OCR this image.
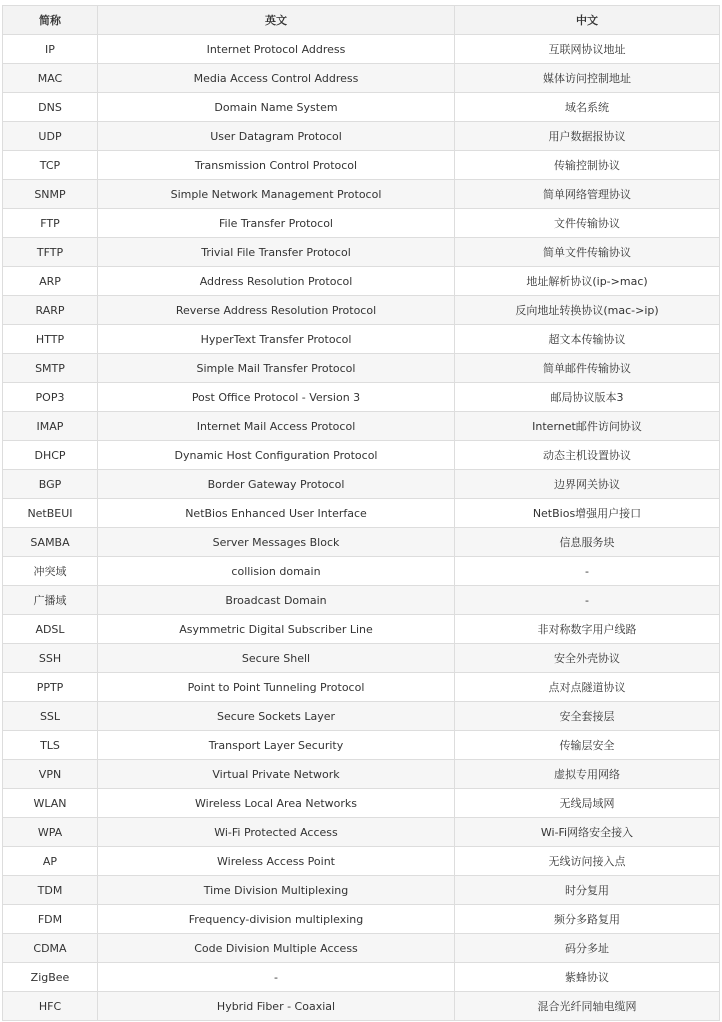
简称	英文	中文
IP	Internet Protocol Address	互联网协议地址
MAC	Media Access Control Address	媒体访问控制地址
DNS	Domain Name System	域名系统
UDP	User Datagram Protocol	用户数据报协议
TCP	Transmission Control Protocol	传输控制协议
SNMP	Simple Network Management Protocol	简单网络管理协议
FTP	File Transfer Protocol	文件传输协议
TFTP	Trivial File Transfer Protocol	简单文件传输协议
ARP	Address Resolution Protocol	地址解析协议(ip->mac)
RARP	Reverse Address Resolution Protocol	反向地址转换协议(mac->ip)
HTTP	HyperText Transfer Protocol	超文本传输协议
SMTP	Simple Mail Transfer Protocol	简单邮件传输协议
POP3	Post Office Protocol - Version 3	邮局协议版本3
IMAP	Internet Mail Access Protocol	Internet邮件访问协议
DHCP	Dynamic Host Configuration Protocol	动态主机设置协议
BGP	Border Gateway Protocol	边界网关协议
NetBEUI	NetBios Enhanced User Interface	NetBios增强用户接口
SAMBA	Server Messages Block	信息服务块
冲突域	collision domain	-
广播域	Broadcast Domain	-
ADSL	Asymmetric Digital Subscriber Line	非对称数字用户线路
SSH	Secure Shell	安全外壳协议
PPTP	Point to Point Tunneling Protocol	点对点隧道协议
SSL	Secure Sockets Layer	安全套接层
TLS	Transport Layer Security	传输层安全
VPN	Virtual Private Network	虚拟专用网络
WLAN	Wireless Local Area Networks	无线局域网
WPA	Wi-Fi Protected Access	Wi-Fi网络安全接入
AP	Wireless Access Point	无线访问接入点
TDM	Time Division Multiplexing	时分复用
FDM	Frequency-division multiplexing	频分多路复用
CDMA	Code Division Multiple Access	码分多址
ZigBee	-	紫蜂协议
HFC	Hybrid Fiber - Coaxial	混合光纤同轴电缆网
